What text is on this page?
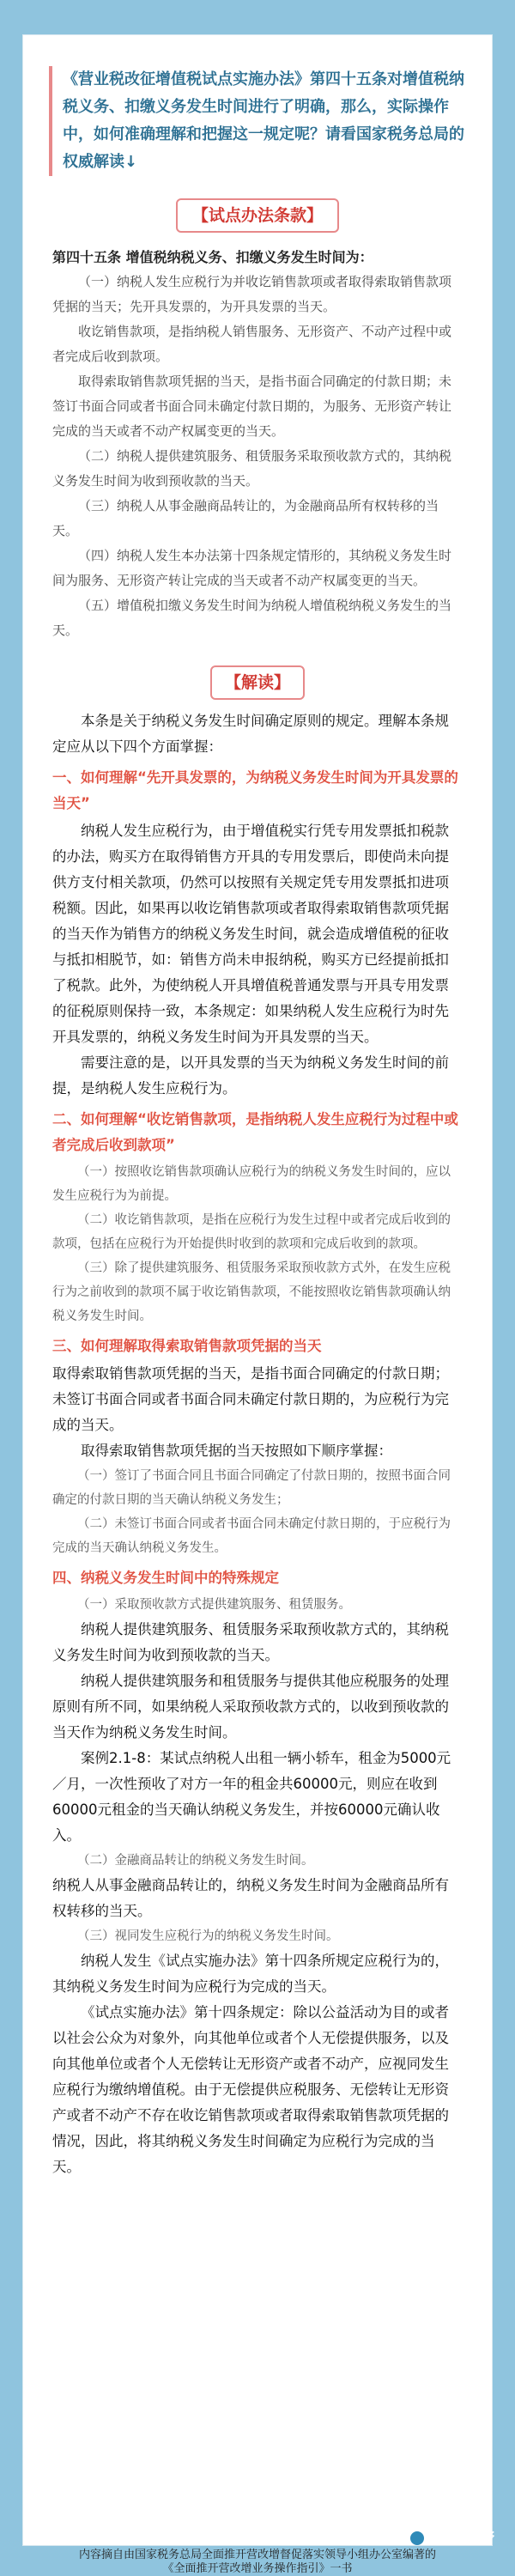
《营业税改征增值税试点实施办法》第四十五条对增值税纳税义务、扣缴义务发生时间进行了明确，那么，实际操作中，如何准确理解和把握这一规定呢？请看国家税务总局的权威解读↓
【试点办法条款】

第四十五条 增值税纳税义务、扣缴义务发生时间为：

（一）纳税人发生应税行为并收讫销售款项或者取得索取销售款项凭据的当天；先开具发票的，为开具发票的当天。

收讫销售款项，是指纳税人销售服务、无形资产、不动产过程中或者完成后收到款项。

取得索取销售款项凭据的当天，是指书面合同确定的付款日期；未签订书面合同或者书面合同未确定付款日期的，为服务、无形资产转让完成的当天或者不动产权属变更的当天。

（二）纳税人提供建筑服务、租赁服务采取预收款方式的，其纳税义务发生时间为收到预收款的当天。

（三）纳税人从事金融商品转让的，为金融商品所有权转移的当天。

（四）纳税人发生本办法第十四条规定情形的，其纳税义务发生时间为服务、无形资产转让完成的当天或者不动产权属变更的当天。

（五）增值税扣缴义务发生时间为纳税人增值税纳税义务发生的当天。

【解读】

本条是关于纳税义务发生时间确定原则的规定。理解本条规定应从以下四个方面掌握：

一、如何理解“先开具发票的，为纳税义务发生时间为开具发票的当天”

纳税人发生应税行为，由于增值税实行凭专用发票抵扣税款的办法，购买方在取得销售方开具的专用发票后，即使尚未向提供方支付相关款项，仍然可以按照有关规定凭专用发票抵扣进项税额。因此，如果再以收讫销售款项或者取得索取销售款项凭据的当天作为销售方的纳税义务发生时间，就会造成增值税的征收与抵扣相脱节，如：销售方尚未申报纳税，购买方已经提前抵扣了税款。此外，为使纳税人开具增值税普通发票与开具专用发票的征税原则保持一致，本条规定：如果纳税人发生应税行为时先开具发票的，纳税义务发生时间为开具发票的当天。

需要注意的是，以开具发票的当天为纳税义务发生时间的前提，是纳税人发生应税行为。

二、如何理解“收讫销售款项，是指纳税人发生应税行为过程中或者完成后收到款项”

（一）按照收讫销售款项确认应税行为的纳税义务发生时间的，应以发生应税行为为前提。

（二）收讫销售款项，是指在应税行为发生过程中或者完成后收到的款项，包括在应税行为开始提供时收到的款项和完成后收到的款项。

（三）除了提供建筑服务、租赁服务采取预收款方式外，在发生应税行为之前收到的款项不属于收讫销售款项，不能按照收讫销售款项确认纳税义务发生时间。

三、如何理解取得索取销售款项凭据的当天

取得索取销售款项凭据的当天，是指书面合同确定的付款日期；未签订书面合同或者书面合同未确定付款日期的，为应税行为完成的当天。

取得索取销售款项凭据的当天按照如下顺序掌握：

（一）签订了书面合同且书面合同确定了付款日期的，按照书面合同确定的付款日期的当天确认纳税义务发生；

（二）未签订书面合同或者书面合同未确定付款日期的，于应税行为完成的当天确认纳税义务发生。

四、纳税义务发生时间中的特殊规定

（一）采取预收款方式提供建筑服务、租赁服务。

纳税人提供建筑服务、租赁服务采取预收款方式的，其纳税义务发生时间为收到预收款的当天。

纳税人提供建筑服务和租赁服务与提供其他应税服务的处理原则有所不同，如果纳税人采取预收款方式的，以收到预收款的当天作为纳税义务发生时间。

案例2.1-8：某试点纳税人出租一辆小轿车，租金为5000元／月，一次性预收了对方一年的租金共60000元，则应在收到60000元租金的当天确认纳税义务发生，并按60000元确认收入。

（二）金融商品转让的纳税义务发生时间。

纳税人从事金融商品转让的，纳税义务发生时间为金融商品所有权转移的当天。

（三）视同发生应税行为的纳税义务发生时间。

纳税人发生《试点实施办法》第十四条所规定应税行为的，其纳税义务发生时间为应税行为完成的当天。

《试点实施办法》第十四条规定：除以公益活动为目的或者以社会公众为对象外，向其他单位或者个人无偿提供服务，以及向其他单位或者个人无偿转让无形资产或者不动产，应视同发生应税行为缴纳增值税。由于无偿提供应税服务、无偿转让无形资产或者不动产不存在收讫销售款项或者取得索取销售款项凭据的情况，因此，将其纳税义务发生时间确定为应税行为完成的当天。

中国会计视野
内容摘自由国家税务总局全面推开营改增督促落实领导小组办公室编著的
《全面推开营改增业务操作指引》一书
